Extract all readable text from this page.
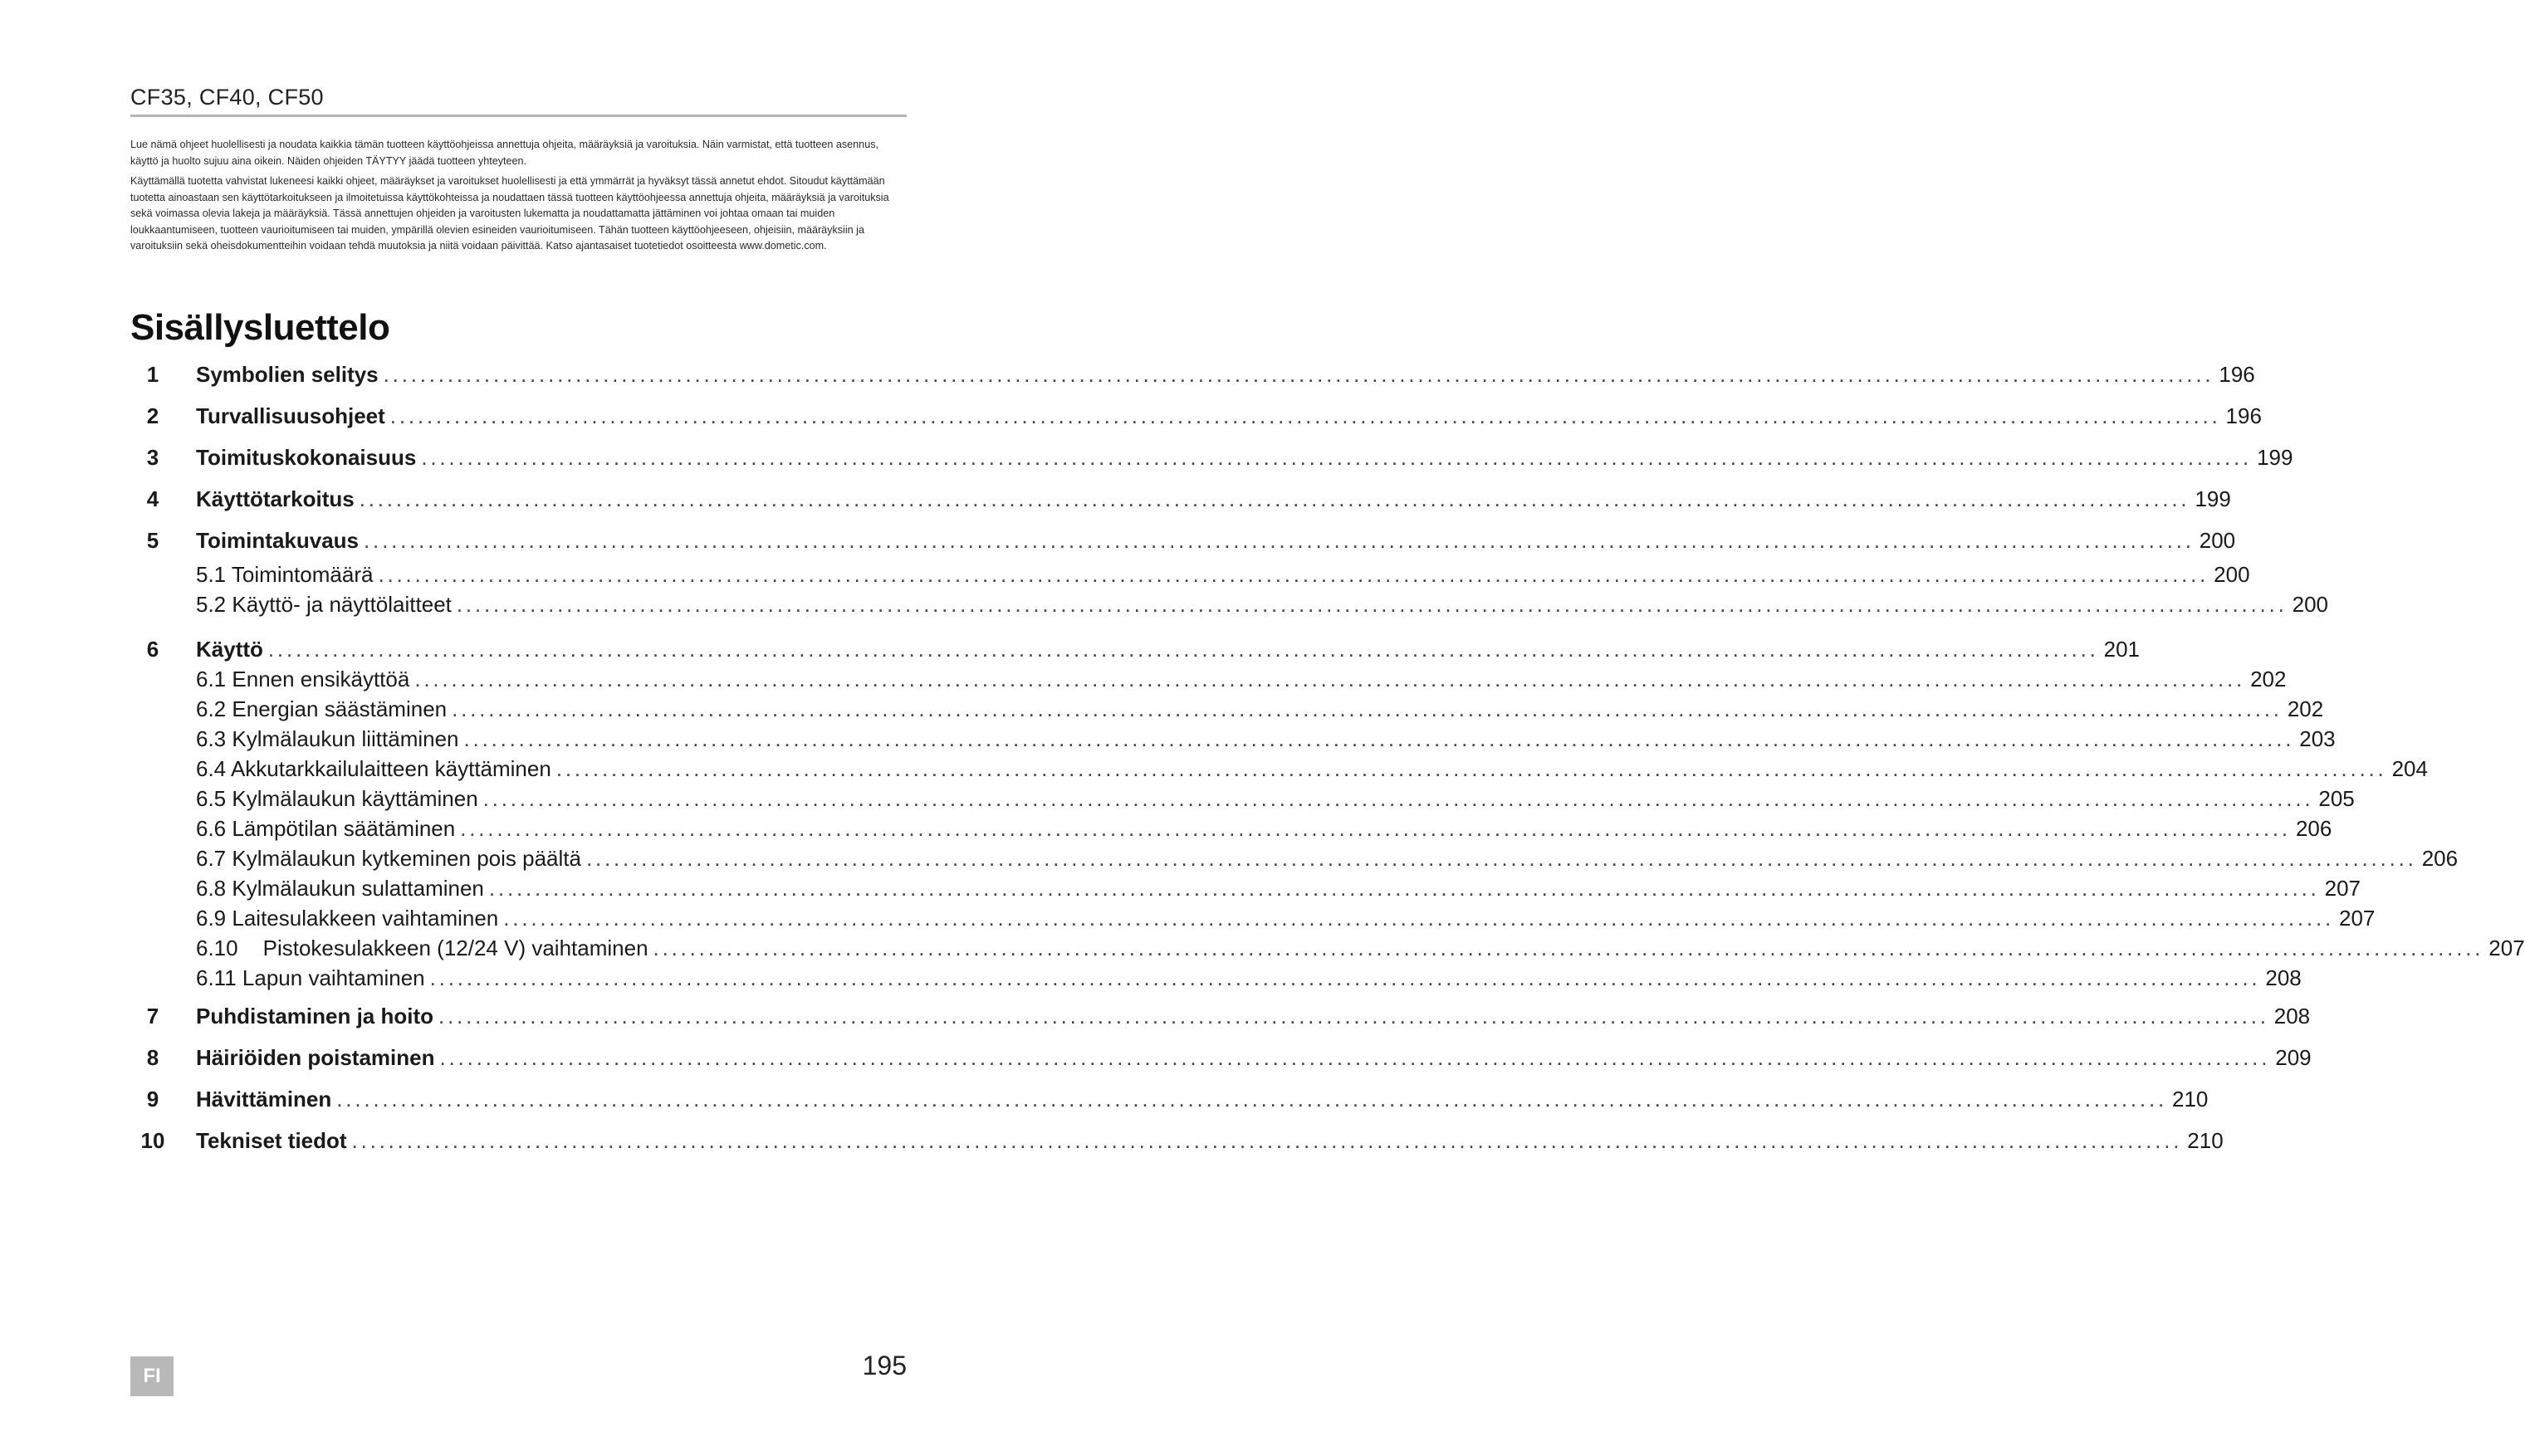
CF35, CF40, CF50

Lue nämä ohjeet huolellisesti ja noudata kaikkia tämän tuotteen käyttöohjeissa annettuja ohjeita, määräyksiä ja varoituksia. Näin varmistat, että tuotteen asennus, käyttö ja huolto sujuu aina oikein. Näiden ohjeiden TÄYTYY jäädä tuotteen yhteyteen.

Käyttämällä tuotetta vahvistat lukeneesi kaikki ohjeet, määräykset ja varoitukset huolellisesti ja että ymmärrät ja hyväksyt tässä annetut ehdot. Sitoudut käyttämään tuotetta ainoastaan sen käyttötarkoitukseen ja ilmoitetuissa käyttökohteissa ja noudattaen tässä tuotteen käyttöohjeessa annettuja ohjeita, määräyksiä ja varoituksia sekä voimassa olevia lakeja ja määräyksiä. Tässä annettujen ohjeiden ja varoitusten lukematta ja noudattamatta jättäminen voi johtaa omaan tai muiden loukkaantumiseen, tuotteen vaurioitumiseen tai muiden, ympärillä olevien esineiden vaurioitumiseen. Tähän tuotteen käyttöohjeeseen, ohjeisiin, määräyksiin ja varoituksiin sekä oheisdokumentteihin voidaan tehdä muutoksia ja niitä voidaan päivittää. Katso ajantasaiset tuotetiedot osoitteesta www.dometic.com.

Sisällysluettelo
1	Symbolien selitys ........................................................................................................................................................................................................ 196
2	Turvallisuusohjeet ........................................................................................................................................................................................................ 196
3	Toimituskokonaisuus ........................................................................................................................................................................................................ 199
4	Käyttötarkoitus ........................................................................................................................................................................................................ 199
5	Toimintakuvaus ........................................................................................................................................................................................................ 200
5.1 Toimintomäärä ........................................................................................................................................................................................................ 200
5.2 Käyttö- ja näyttölaitteet ........................................................................................................................................................................................................ 200
6	Käyttö ........................................................................................................................................................................................................ 201
6.1 Ennen ensikäyttöä ........................................................................................................................................................................................................ 202
6.2 Energian säästäminen ........................................................................................................................................................................................................ 202
6.3 Kylmälaukun liittäminen ........................................................................................................................................................................................................ 203
6.4 Akkutarkkailulaitteen käyttäminen ........................................................................................................................................................................................................ 204
6.5 Kylmälaukun käyttäminen ........................................................................................................................................................................................................ 205
6.6 Lämpötilan säätäminen ........................................................................................................................................................................................................ 206
6.7 Kylmälaukun kytkeminen pois päältä ........................................................................................................................................................................................................ 206
6.8 Kylmälaukun sulattaminen ........................................................................................................................................................................................................ 207
6.9 Laitesulakkeen vaihtaminen ........................................................................................................................................................................................................ 207
6.10 Pistokesulakkeen (12/24 V) vaihtaminen ........................................................................................................................................................................................................ 207
6.11 Lapun vaihtaminen ........................................................................................................................................................................................................ 208
7	Puhdistaminen ja hoito ........................................................................................................................................................................................................ 208
8	Häiriöiden poistaminen ........................................................................................................................................................................................................ 209
9	Hävittäminen ........................................................................................................................................................................................................ 210
10	Tekniset tiedot ........................................................................................................................................................................................................ 210
FI	195
